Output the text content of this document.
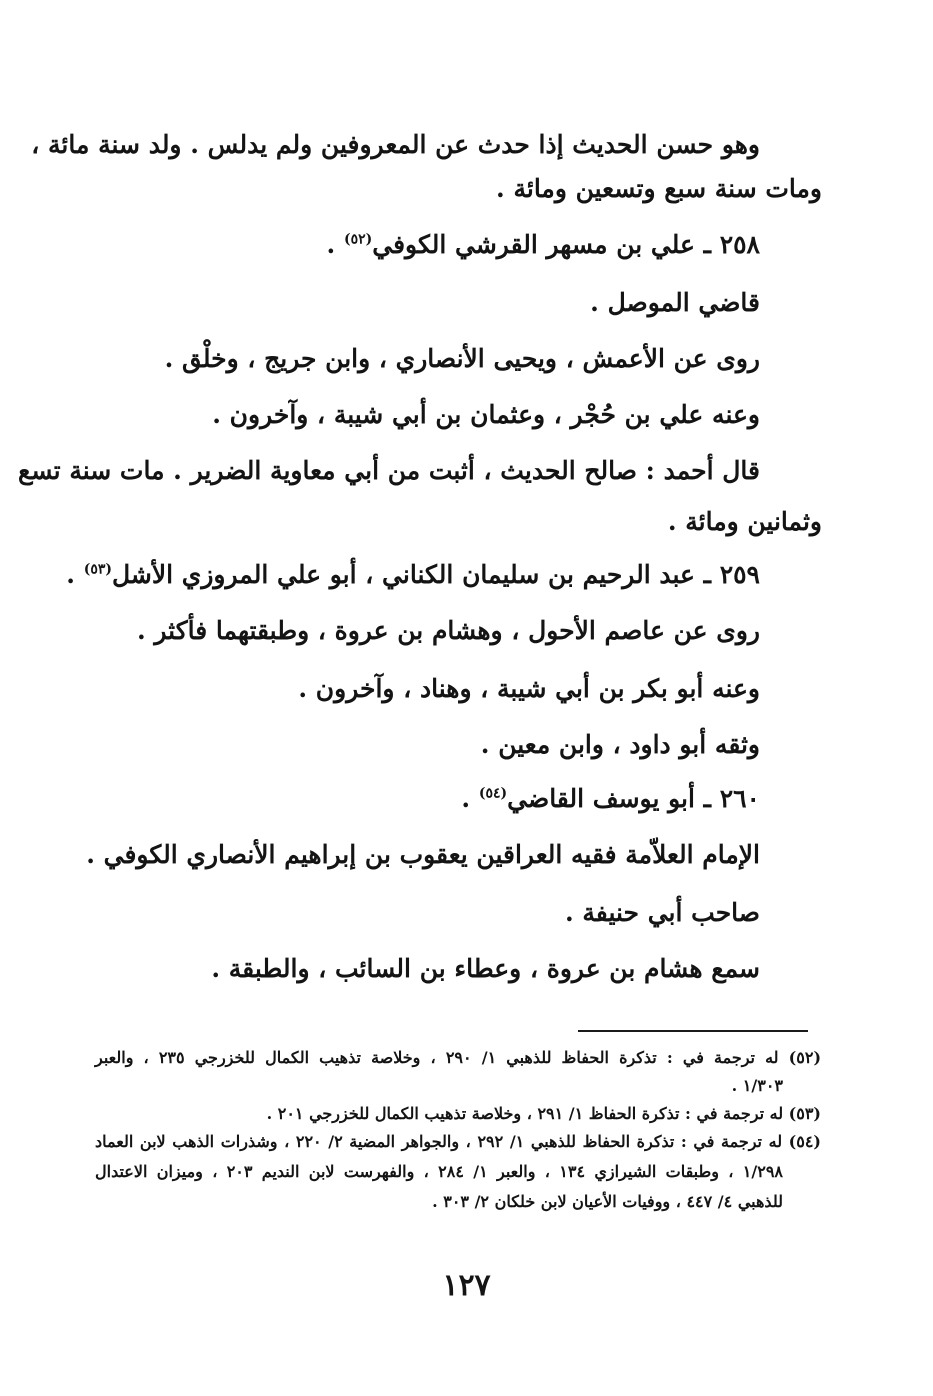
وهو حسن الحديث إذا حدث عن المعروفين ولم يدلس . ولد سنة مائة ،
ومات سنة سبع وتسعين ومائة .
٢٥٨ ـ علي بن مسهر القرشي الكوفي$^{(٥٢)}$ .
قاضي الموصل .
روى عن الأعمش ، ويحيى الأنصاري ، وابن جريج ، وخلْق .
وعنه علي بن حُجْر ، وعثمان بن أبي شيبة ، وآخرون .
قال أحمد : صالح الحديث ، أثبت من أبي معاوية الضرير . مات سنة تسع
وثمانين ومائة .
٢٥٩ ـ عبد الرحيم بن سليمان الكناني ، أبو علي المروزي الأشل$^{(٥٣)}$ .
روى عن عاصم الأحول ، وهشام بن عروة ، وطبقتهما فأكثر .
وعنه أبو بكر بن أبي شيبة ، وهناد ، وآخرون .
وثقه أبو داود ، وابن معين .
٢٦٠ ـ أبو يوسف القاضي$^{(٥٤)}$ .
الإمام العلاّمة فقيه العراقين يعقوب بن إبراهيم الأنصاري الكوفي .
صاحب أبي حنيفة .
سمع هشام بن عروة ، وعطاء بن السائب ، والطبقة .
(٥٢) له ترجمة في : تذكرة الحفاظ للذهبي ١/ ٢٩٠ ، وخلاصة تذهيب الكمال للخزرجي ٢٣٥ ، والعبر
١/٣٠٣ .
(٥٣) له ترجمة في : تذكرة الحفاظ ١/ ٢٩١ ، وخلاصة تذهيب الكمال للخزرجي ٢٠١ .
(٥٤) له ترجمة في : تذكرة الحفاظ للذهبي ١/ ٢٩٢ ، والجواهر المضية ٢/ ٢٢٠ ، وشذرات الذهب لابن العماد
١/٢٩٨ ، وطبقات الشيرازي ١٣٤ ، والعبر ١/ ٢٨٤ ، والفهرست لابن النديم ٢٠٣ ، وميزان الاعتدال
للذهبي ٤/ ٤٤٧ ، ووفيات الأعيان لابن خلكان ٢/ ٣٠٣ .
١٢٧
